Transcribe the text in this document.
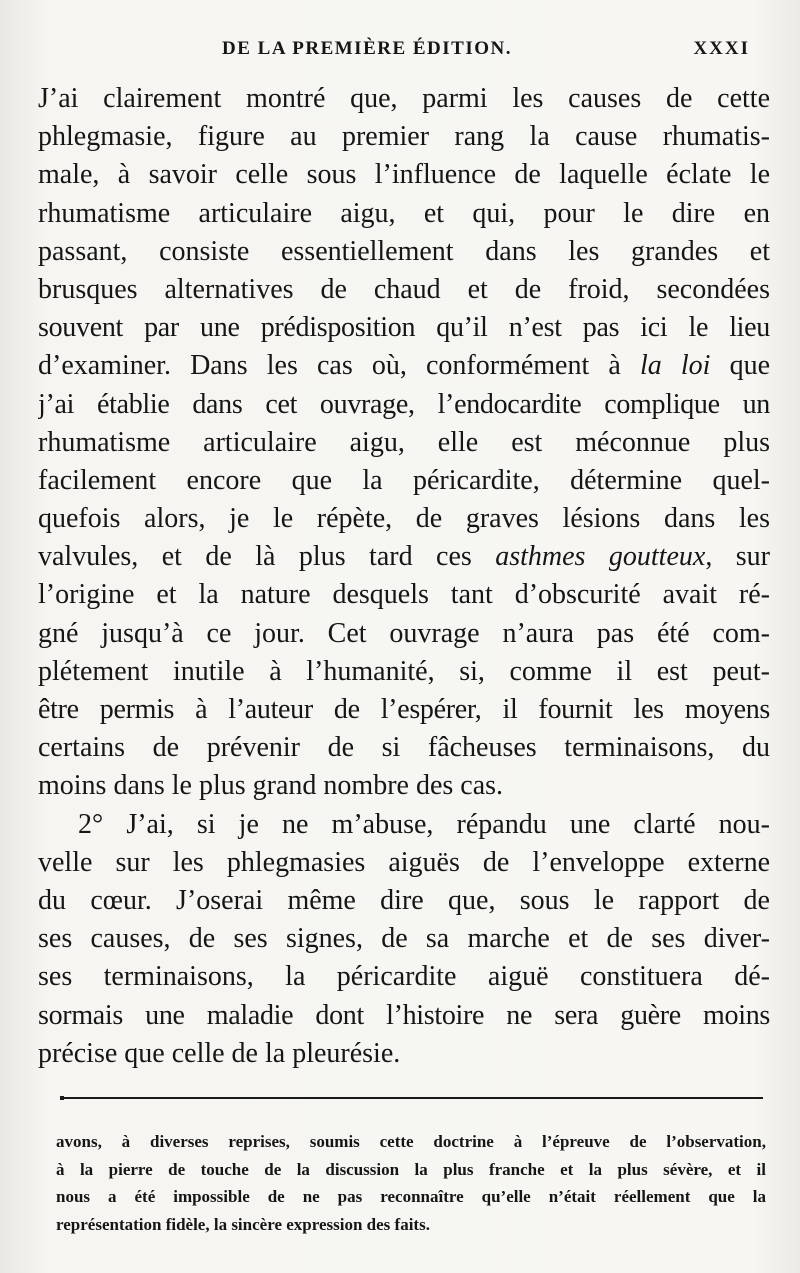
DE LA PREMIÈRE ÉDITION.	XXXI
J’ai clairement montré que, parmi les causes de cette
phlegmasie, figure au premier rang la cause rhumatis-
male, à savoir celle sous l’influence de laquelle éclate le
rhumatisme articulaire aigu, et qui, pour le dire en
passant, consiste essentiellement dans les grandes et
brusques alternatives de chaud et de froid, secondées
souvent par une prédisposition qu’il n’est pas ici le lieu
d’examiner. Dans les cas où, conformément à la loi que
j’ai établie dans cet ouvrage, l’endocardite complique un
rhumatisme articulaire aigu, elle est méconnue plus
facilement encore que la péricardite, détermine quel-
quefois alors, je le répète, de graves lésions dans les
valvules, et de là plus tard ces asthmes goutteux, sur
l’origine et la nature desquels tant d’obscurité avait ré-
gné jusqu’à ce jour. Cet ouvrage n’aura pas été com-
plétement inutile à l’humanité, si, comme il est peut-
être permis à l’auteur de l’espérer, il fournit les moyens
certains de prévenir de si fâcheuses terminaisons, du
moins dans le plus grand nombre des cas.
2° J’ai, si je ne m’abuse, répandu une clarté nou-
velle sur les phlegmasies aiguës de l’enveloppe externe
du cœur. J’oserai même dire que, sous le rapport de
ses causes, de ses signes, de sa marche et de ses diver-
ses terminaisons, la péricardite aiguë constituera dé-
sormais une maladie dont l’histoire ne sera guère moins
précise que celle de la pleurésie.
avons, à diverses reprises, soumis cette doctrine à l’épreuve de l’observation,
à la pierre de touche de la discussion la plus franche et la plus sévère, et il
nous a été impossible de ne pas reconnaître qu’elle n’était réellement que la
représentation fidèle, la sincère expression des faits.
